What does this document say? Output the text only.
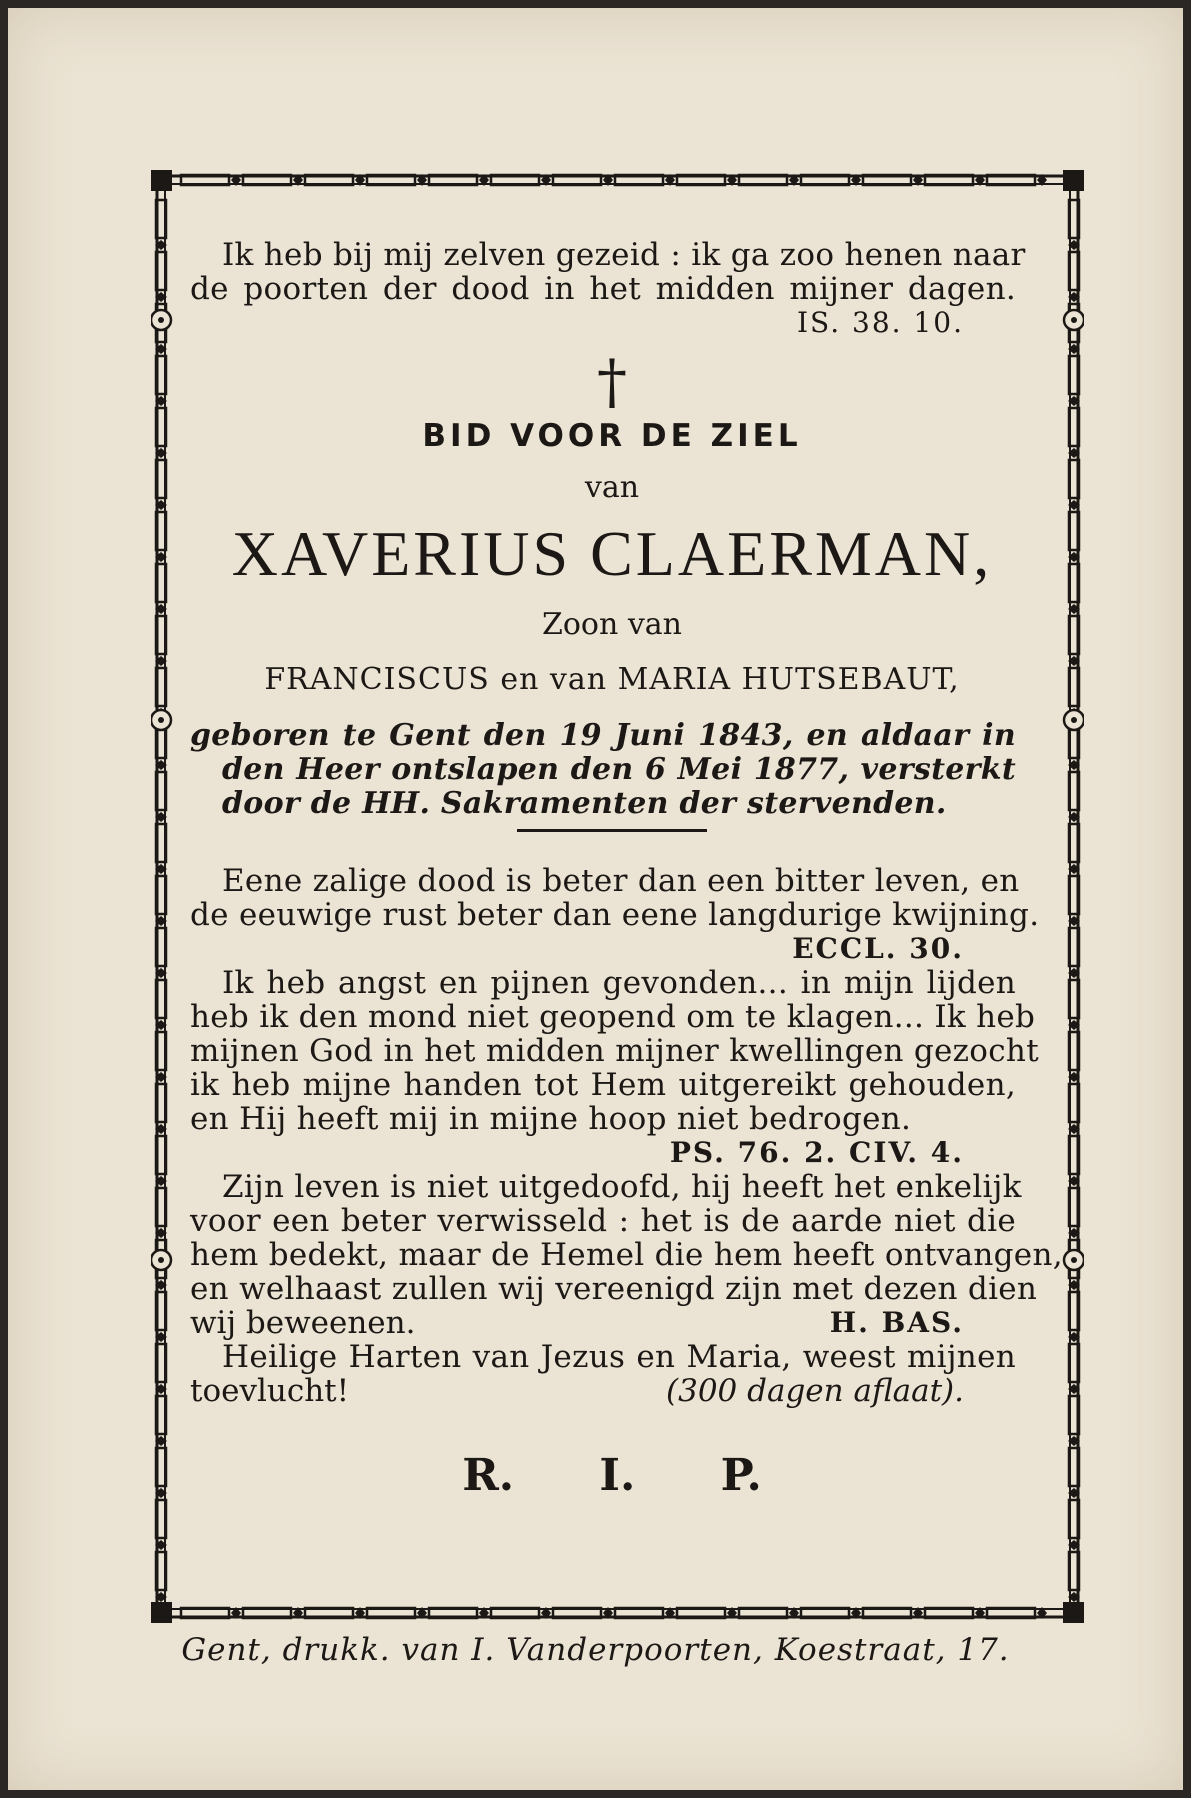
Ik heb bij mij zelven gezeid : ik ga zoo henen naar
de poorten der dood in het midden mijner dagen.
IS. 38. 10.
†
BID VOOR DE ZIEL
van
XAVERIUS CLAERMAN,
Zoon van
FRANCISCUS en van MARIA HUTSEBAUT,
geboren te Gent den 19 Juni 1843, en aldaar in
den Heer ontslapen den 6 Mei 1877, versterkt
door de HH. Sakramenten der stervenden.
Eene zalige dood is beter dan een bitter leven, en
de eeuwige rust beter dan eene langdurige kwijning.
ECCL. 30.
Ik heb angst en pijnen gevonden... in mijn lijden
heb ik den mond niet geopend om te klagen... Ik heb
mijnen God in het midden mijner kwellingen gezocht
ik heb mijne handen tot Hem uitgereikt gehouden,
en Hij heeft mij in mijne hoop niet bedrogen.
PS. 76. 2. CIV. 4.
Zijn leven is niet uitgedoofd, hij heeft het enkelijk
voor een beter verwisseld : het is de aarde niet die
hem bedekt, maar de Hemel die hem heeft ontvangen,
en welhaast zullen wij vereenigd zijn met dezen dien
wij beweenen.	H. BAS.
Heilige Harten van Jezus en Maria, weest mijnen
toevlucht!	(300 dagen aflaat).
R. I. P.
Gent, drukk. van I. Vanderpoorten, Koestraat, 17.
